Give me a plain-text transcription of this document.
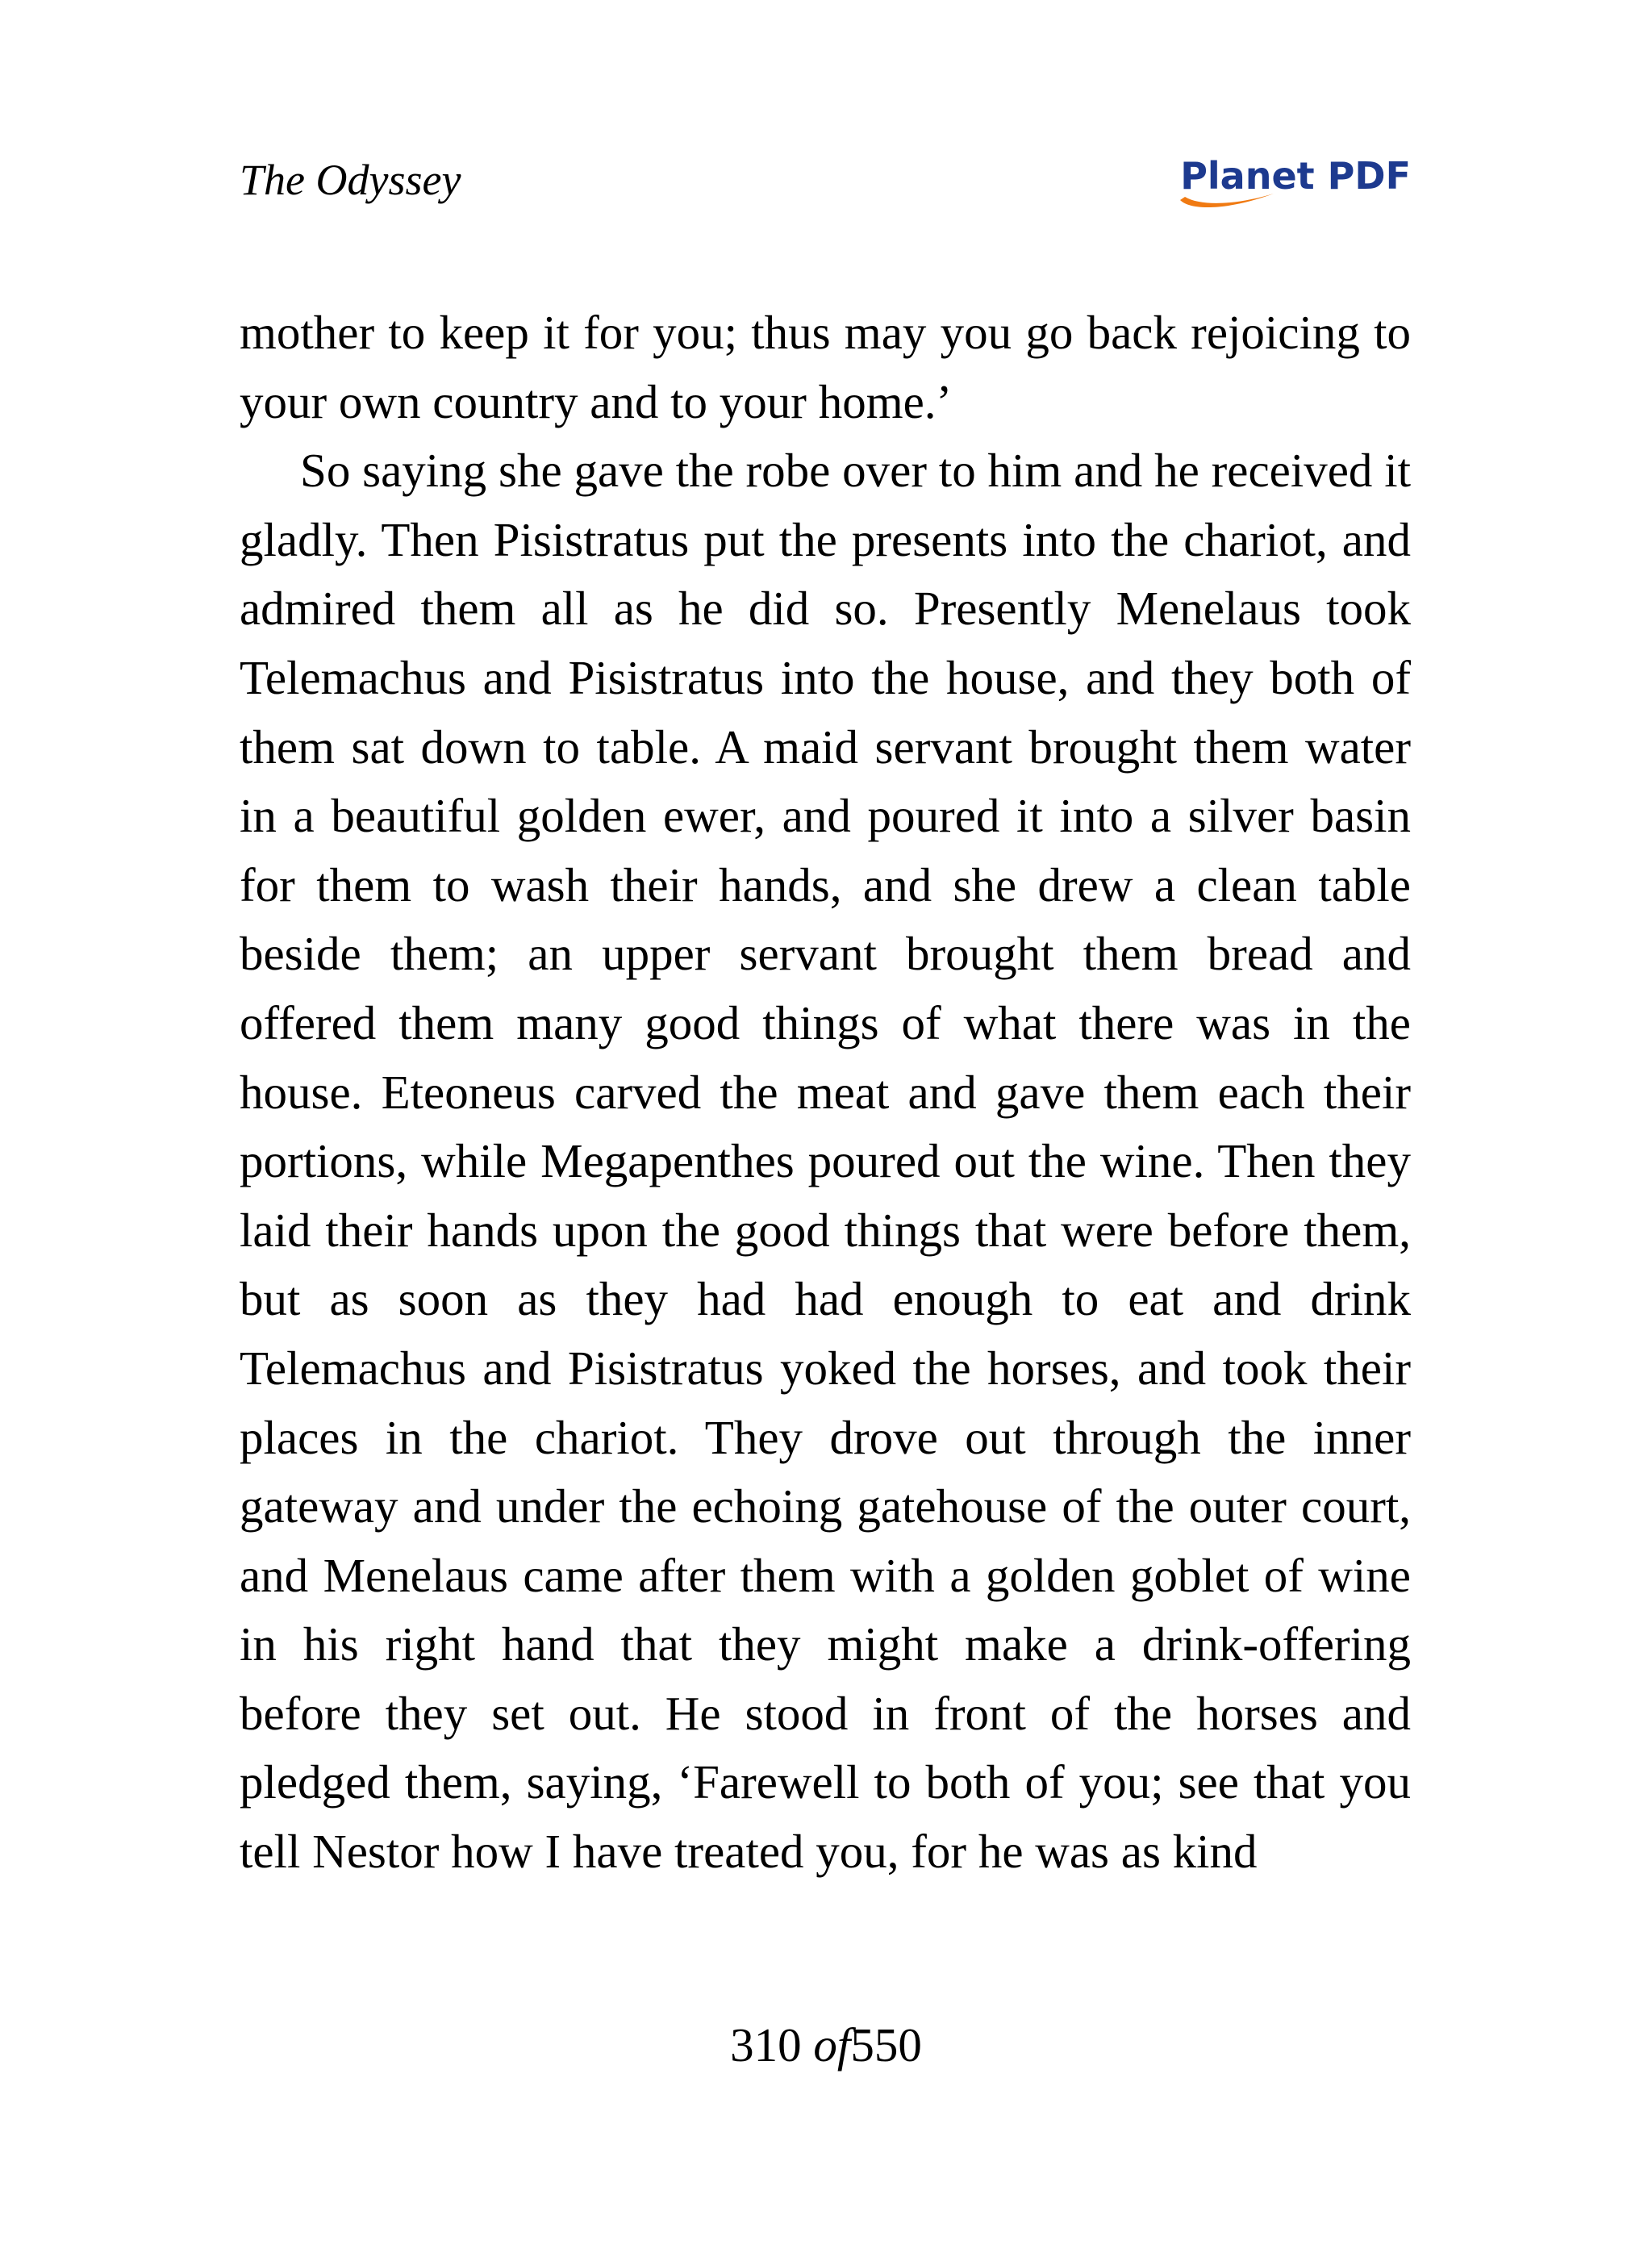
The Odyssey	Planet PDF

mother to keep it for you; thus may you go back rejoicing to your own country and to your home.’

So saying she gave the robe over to him and he received it gladly. Then Pisistratus put the presents into the chariot, and admired them all as he did so. Presently Menelaus took Telemachus and Pisistratus into the house, and they both of them sat down to table. A maid servant brought them water in a beautiful golden ewer, and poured it into a silver basin for them to wash their hands, and she drew a clean table beside them; an upper servant brought them bread and offered them many good things of what there was in the house. Eteoneus carved the meat and gave them each their portions, while Megapenthes poured out the wine. Then they laid their hands upon the good things that were before them, but as soon as they had had enough to eat and drink Telemachus and Pisistratus yoked the horses, and took their places in the chariot. They drove out through the inner gateway and under the echoing gatehouse of the outer court, and Menelaus came after them with a golden goblet of wine in his right hand that they might make a drink-offering before they set out. He stood in front of the horses and pledged them, saying, ‘Farewell to both of you; see that you tell Nestor how I have treated you, for he was as kind

310 of550
